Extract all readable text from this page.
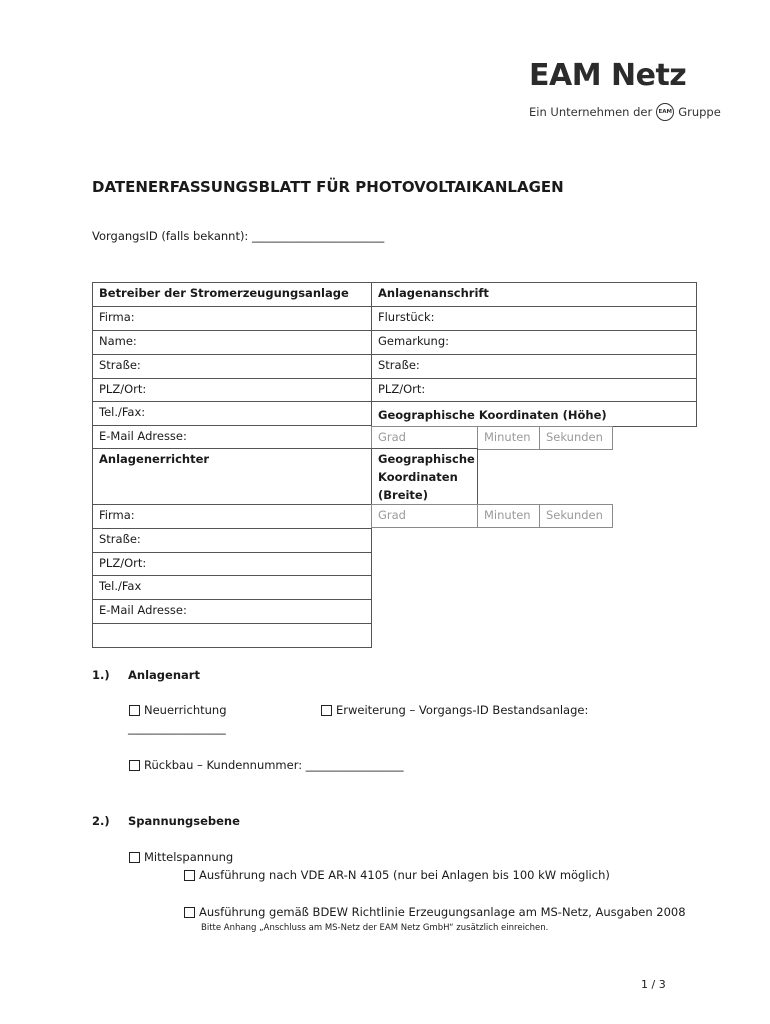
EAM Netz
Ein Unternehmen der	EAM Gruppe
DATENERFASSUNGSBLATT FÜR PHOTOVOLTAIKANLAGEN
VorgangsID (falls bekannt): _______________________
Betreiber der Stromerzeugungsanlage	Anlagenanschrift
Firma:	Flurstück:
Name:	Gemarkung:
Straße:	Straße:
PLZ/Ort:	PLZ/Ort:
Tel./Fax:	Geographische Koordinaten (Höhe)
E-Mail Adresse:	Grad	Minuten	Sekunden
Anlagenerrichter	Geographische
Koordinaten
(Breite)
Firma:	Grad	Minuten	Sekunden
Straße:
PLZ/Ort:
Tel./Fax
E-Mail Adresse:
1.) Anlagenart
Neuerrichtung	Erweiterung – Vorgangs-ID Bestandsanlage:
_________________
Rückbau – Kundennummer: _________________
2.) Spannungsebene
Mittelspannung
Ausführung nach VDE AR-N 4105 (nur bei Anlagen bis 100 kW möglich)
Ausführung gemäß BDEW Richtlinie Erzeugungsanlage am MS-Netz, Ausgaben 2008
Bitte Anhang „Anschluss am MS-Netz der EAM Netz GmbH“ zusätzlich einreichen.
1 / 3
